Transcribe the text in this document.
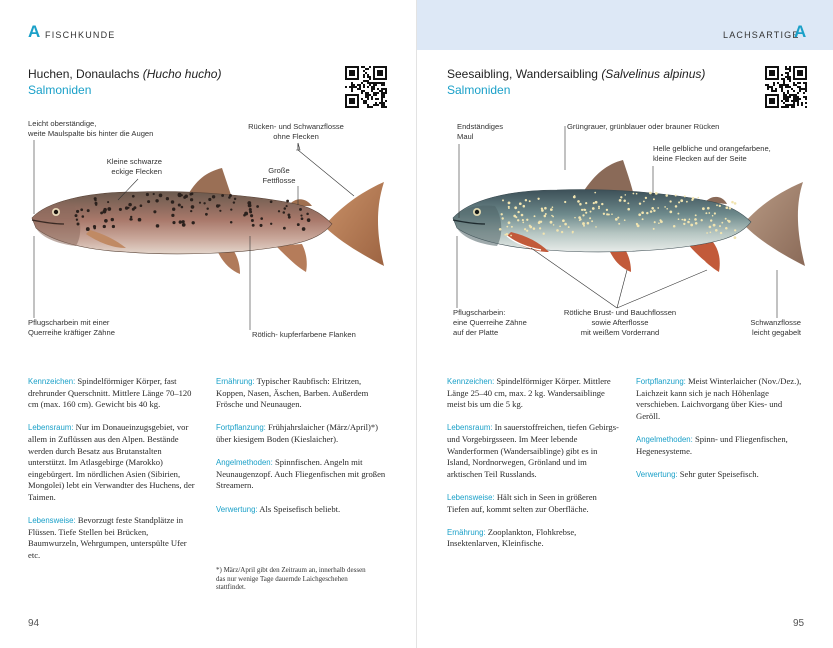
A FISCHKUNDE
Huchen, Donaulachs (Hucho hucho)
Salmoniden
Leicht oberständige,
weite Maulspalte bis hinter die Augen
Kleine schwarze
eckige Flecken
Rücken- und Schwanzflosse
ohne Flecken
Große
Fettflosse
Pflugscharbein mit einer
Querreihe kräftiger Zähne	Rötlich- kupferfarbene Flanken

Kennzeichen: Spindelförmiger Körper, fast drehrunder Querschnitt. Mittlere Länge 70–120 cm (max. 160 cm). Gewicht bis 40 kg.

Lebensraum: Nur im Donaueinzugsgebiet, vor allem in Zuflüssen aus den Alpen. Bestände werden durch Besatz aus Brutanstalten unterstützt. Im Atlasgebirge (Marokko) eingebürgert. Im nördlichen Asien (Sibirien, Mongolei) lebt ein Verwandter des Huchens, der Taimen.

Lebensweise: Bevorzugt feste Standplätze in Flüssen. Tiefe Stellen bei Brücken, Baumwurzeln, Wehrgumpen, unterspülte Ufer etc.

Ernährung: Typischer Raubfisch: Elritzen, Koppen, Nasen, Äschen, Barben. Außerdem Frösche und Neunaugen.

Fortpflanzung: Frühjahrslaicher (März/April)*) über kiesigem Boden (Kieslaicher).

Angelmethoden: Spinnfischen. Angeln mit Neunaugenzopf. Auch Fliegenfischen mit großen Streamern.

Verwertung: Als Speisefisch beliebt.

*) März/April gibt den Zeitraum an, innerhalb dessen das nur wenige Tage dauernde Laichgeschehen stattfindet.
94
LACHSARTIGE
A
Seesaibling, Wandersaibling (Salvelinus alpinus)
Salmoniden
Endständiges
Maul
Grüngrauer, grünblauer oder brauner Rücken
Helle gelbliche und orangefarbene,
kleine Flecken auf der Seite
Pflugscharbein:
eine Querreihe Zähne
auf der Platte
Rötliche Brust- und Bauchflossen
sowie Afterflosse
mit weißem Vorderrand
Schwanzflosse
leicht gegabelt

Kennzeichen: Spindelförmiger Körper. Mittlere Länge 25–40 cm, max. 2 kg. Wandersaiblinge meist bis um die 5 kg.

Lebensraum: In sauerstoffreichen, tiefen Gebirgs- und Vorgebirgsseen. Im Meer lebende Wanderformen (Wandersaiblinge) gibt es in Island, Nordnorwegen, Grönland und im arktischen Teil Russlands.

Lebensweise: Hält sich in Seen in größeren Tiefen auf, kommt selten zur Oberfläche.

Ernährung: Zooplankton, Flohkrebse, Insektenlarven, Kleinfische.

Fortpflanzung: Meist Winterlaicher (Nov./Dez.), Laichzeit kann sich je nach Höhenlage verschieben. Laichvorgang über Kies- und Geröll.

Angelmethoden: Spinn- und Fliegenfischen, Hegenesysteme.

Verwertung: Sehr guter Speisefisch.

95
